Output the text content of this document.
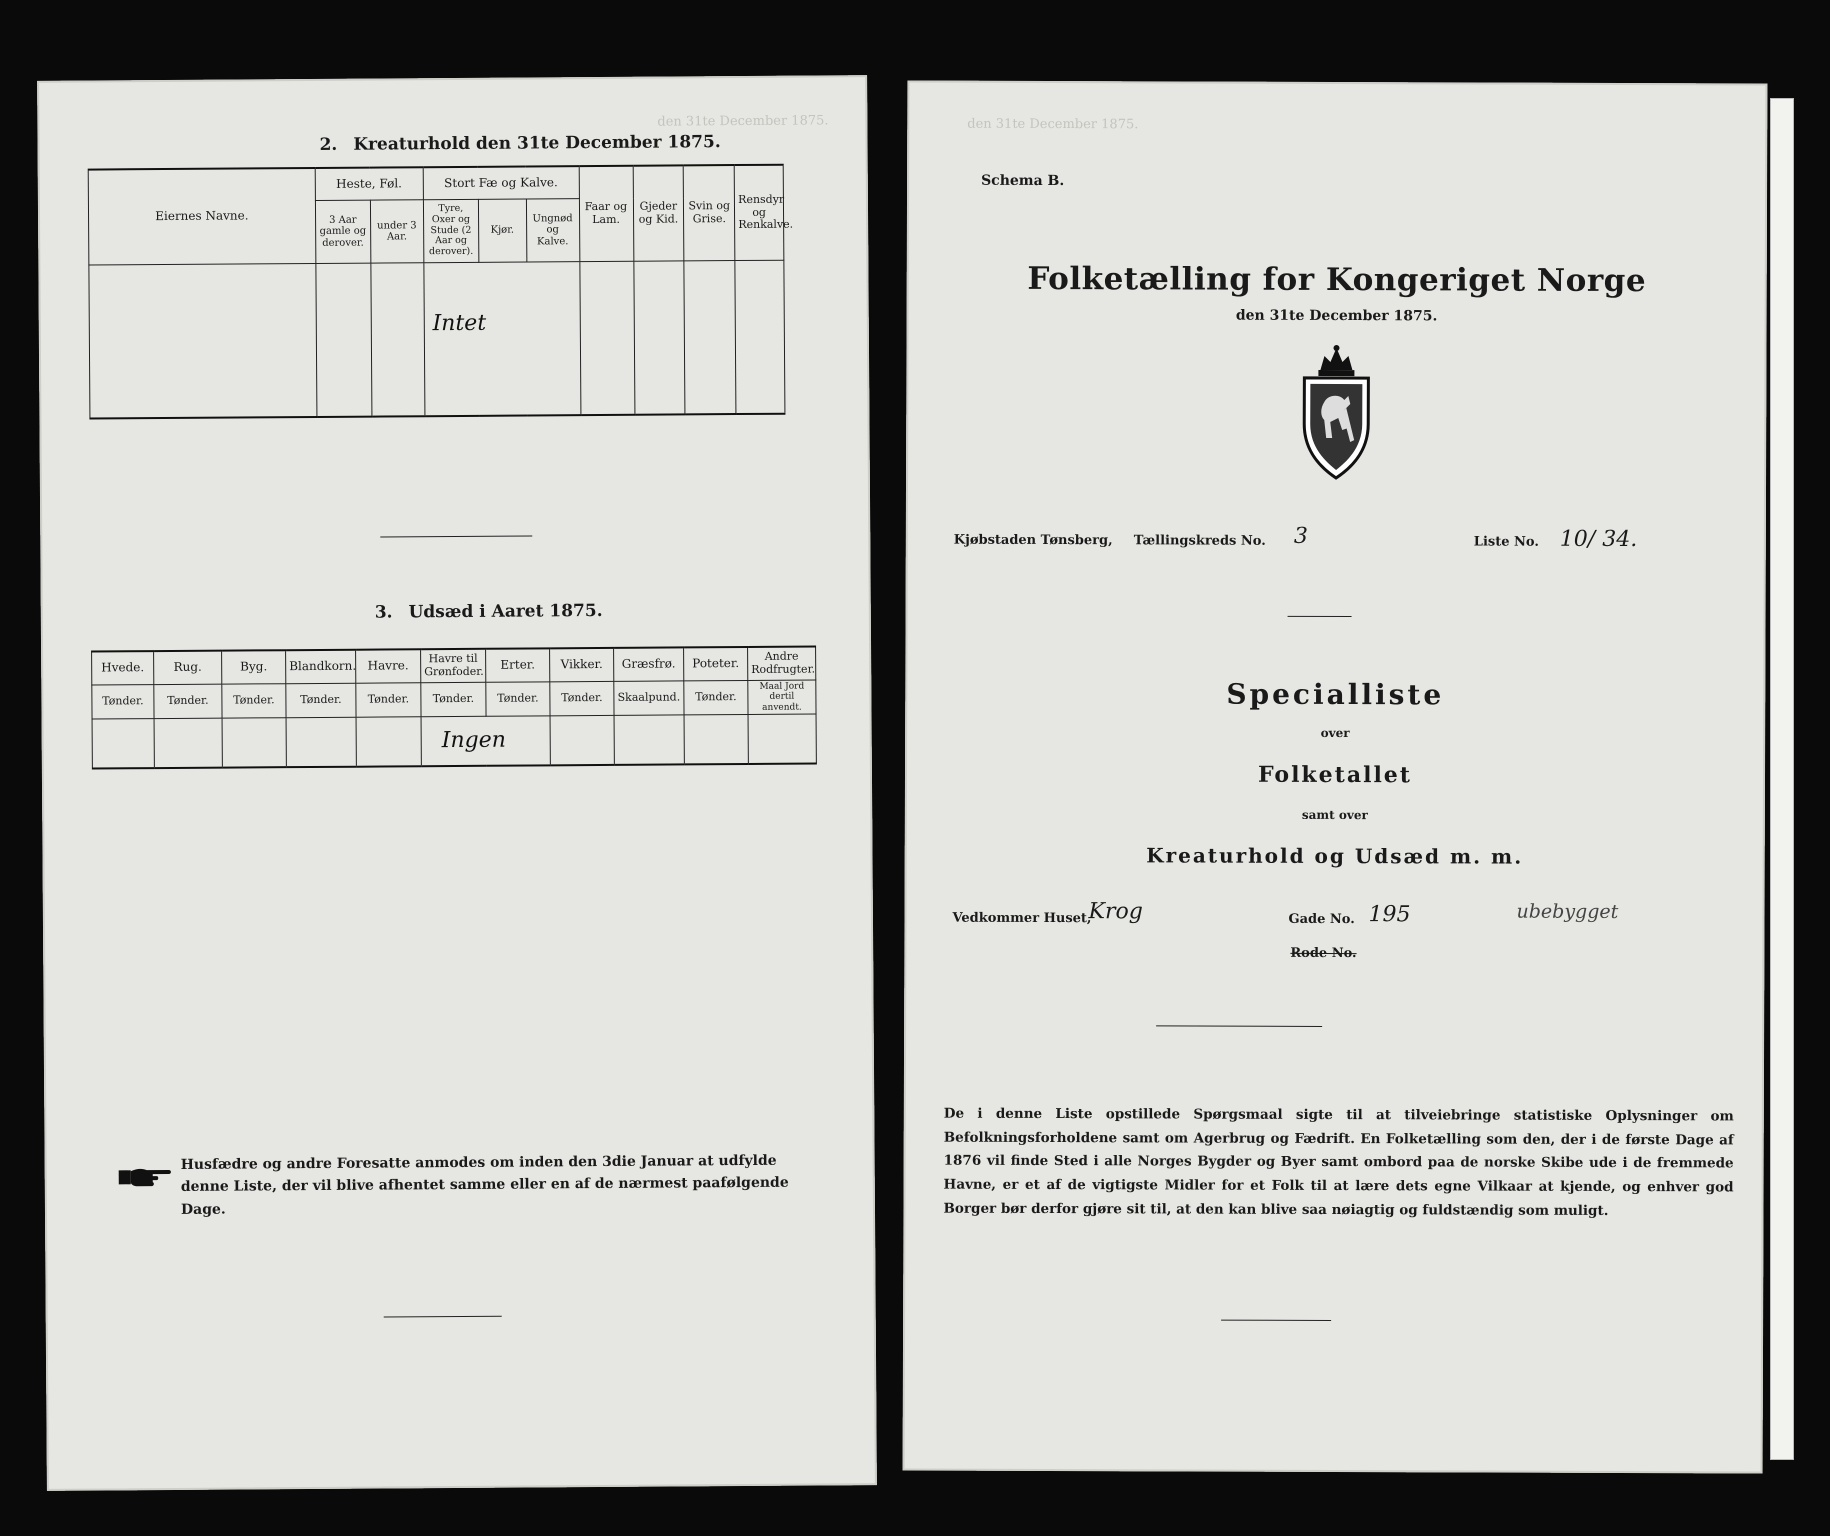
den 31te December 1875.
2. Kreaturhold den 31te December 1875.
Eiernes Navne.	Heste, Føl.		Stort Fæ og Kalve.			Faar og Lam.	Gjeder og Kid.	Svin og Grise.	Rensdyr og Renkalve.
	3 Aar gamle og derover.	under 3 Aar.	Tyre, Oxer og Stude (2 Aar og derover).	Kjør.	Ungnød og Kalve.				
			Intet						
3. Udsæd i Aaret 1875.
Hvede.	Rug.	Byg.	Blandkorn.	Havre.	Havre til Grønfoder.	Erter.	Vikker.	Græsfrø.	Poteter.	Andre Rodfrugter.
Tønder.	Tønder.	Tønder.	Tønder.	Tønder.	Tønder.	Tønder.	Tønder.	Skaalpund.	Tønder.	Maal Jord dertil anvendt.
					Ingen					
Husfædre og andre Foresatte anmodes om inden den 3die Januar at udfylde denne Liste, der vil blive afhentet samme eller en af de nærmest paafølgende Dage.
den 31te December 1875.
Schema B.
Folketælling for Kongeriget Norge
den 31te December 1875.
Kjøbstaden Tønsberg, Tællingskreds No. 3	Liste No. 10/ 34.
Specialliste
over
Folketallet
samt over
Kreaturhold og Udsæd m. m.
Vedkommer Huset,
Krog	Gade No. 195	ubebygget
Rode No.
De i denne Liste opstillede Spørgsmaal sigte til at tilveiebringe statistiske Oplysninger om Befolkningsforholdene samt om Agerbrug og Fædrift. En Folketælling som den, der i de første Dage af 1876 vil finde Sted i alle Norges Bygder og Byer samt ombord paa de norske Skibe ude i de fremmede Havne, er et af de vigtigste Midler for et Folk til at lære dets egne Vilkaar at kjende, og enhver god Borger bør derfor gjøre sit til, at den kan blive saa nøiagtig og fuldstændig som muligt.
